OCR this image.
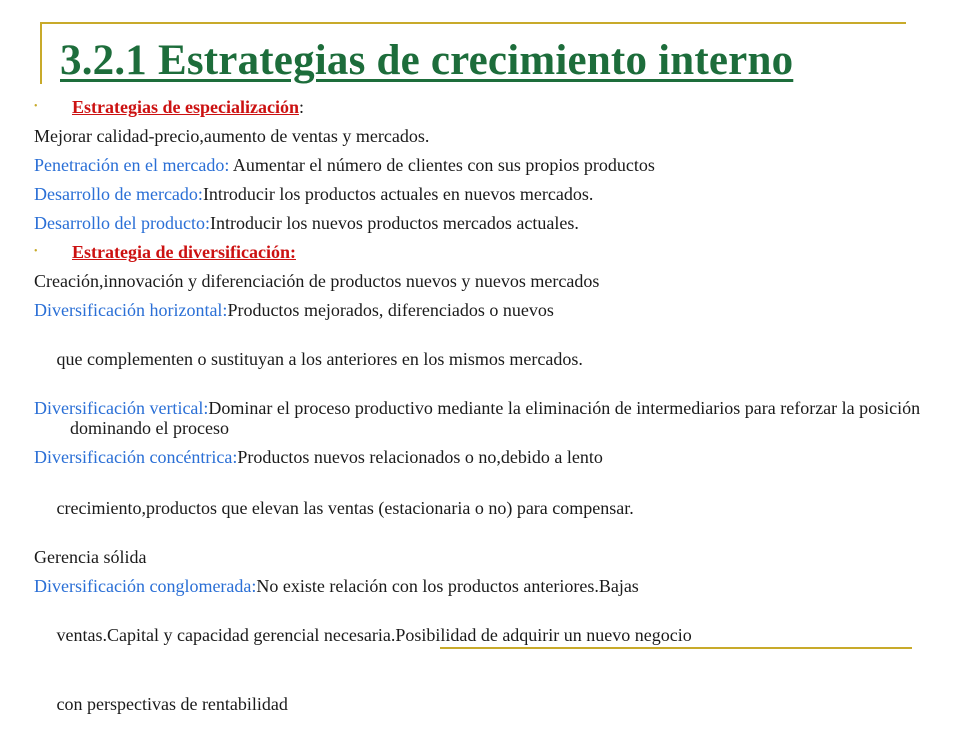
3.2.1 Estrategias de crecimiento interno
• Estrategias de especialización:
Mejorar calidad-precio,aumento de ventas y mercados.
Penetración en el mercado: Aumentar el número de clientes con sus propios productos
Desarrollo de mercado:Introducir los productos actuales en nuevos mercados.
Desarrollo del producto:Introducir los nuevos productos mercados actuales.
• Estrategia de diversificación:
Creación,innovación y diferenciación de productos nuevos y nuevos mercados
Diversificación horizontal:Productos mejorados, diferenciados o nuevos

que complementen o sustituyan a los anteriores en los mismos mercados.

Diversificación vertical:Dominar el proceso productivo mediante la eliminación de intermediarios para reforzar la posición dominando el proceso
Diversificación concéntrica:Productos nuevos relacionados o no,debido a lento

crecimiento,productos que elevan las ventas (estacionaria o no) para compensar.

Gerencia sólida
Diversificación conglomerada:No existe relación con los productos anteriores.Bajas

ventas.Capital y capacidad gerencial necesaria.Posibilidad de adquirir un nuevo negocio

con perspectivas de rentabilidad
